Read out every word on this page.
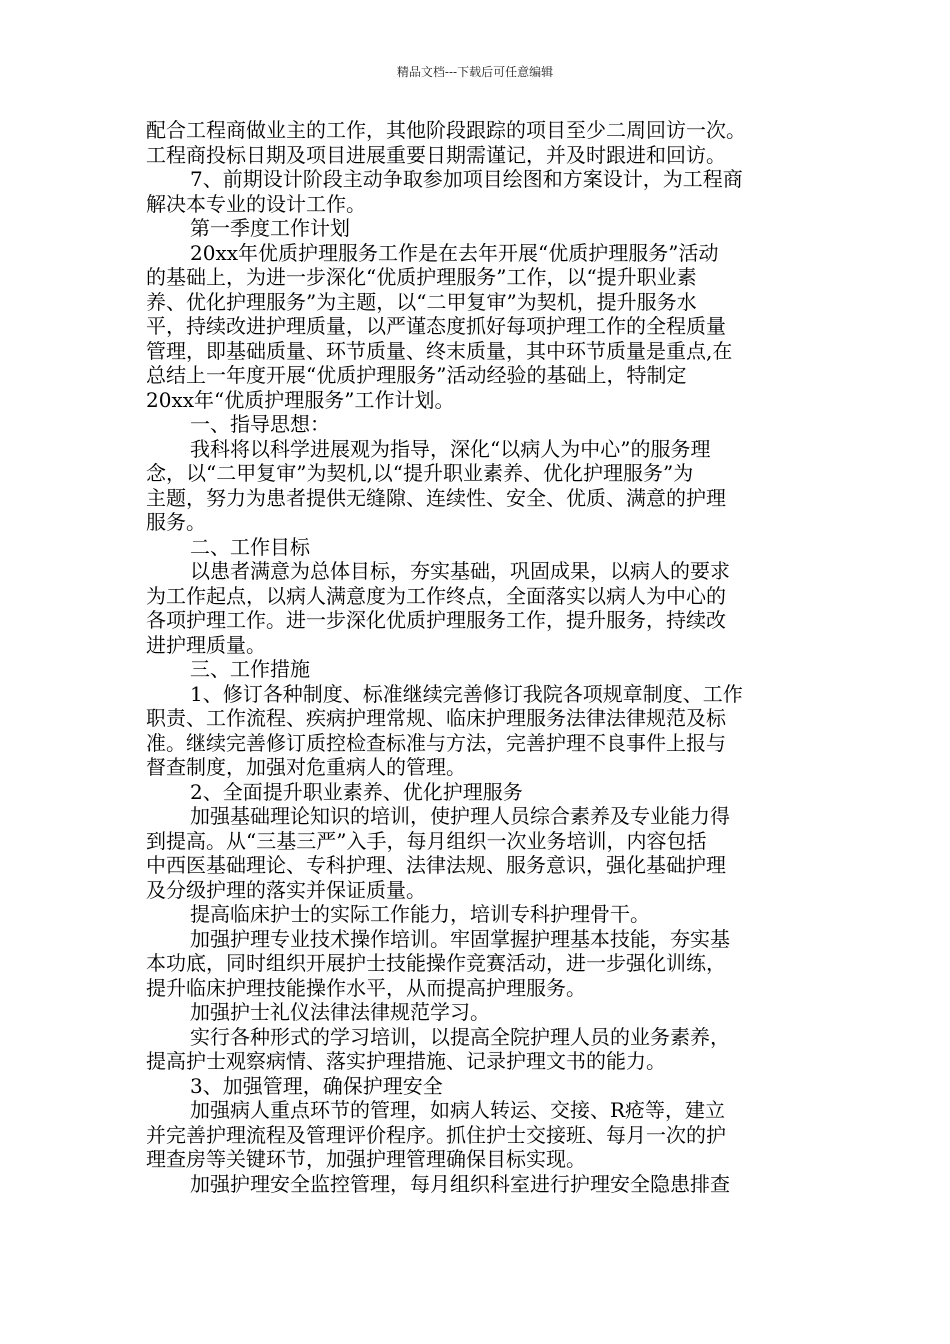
精品文档---下载后可任意编辑
配合工程商做业主的工作，其他阶段跟踪的项目至少二周回访一次。
工程商投标日期及项目进展重要日期需谨记，并及时跟进和回访。
7、前期设计阶段主动争取参加项目绘图和方案设计，为工程商
解决本专业的设计工作。
第一季度工作计划
20xx年优质护理服务工作是在去年开展“优质护理服务”活动
的基础上，为进一步深化“优质护理服务”工作，以“提升职业素
养、优化护理服务”为主题，以“二甲复审”为契机，提升服务水
平，持续改进护理质量，以严谨态度抓好每项护理工作的全程质量
管理，即基础质量、环节质量、终末质量，其中环节质量是重点,在
总结上一年度开展“优质护理服务”活动经验的基础上，特制定
20xx年“优质护理服务”工作计划。
一、指导思想：
我科将以科学进展观为指导，深化“以病人为中心”的服务理
念，以“二甲复审”为契机,以“提升职业素养、优化护理服务”为
主题，努力为患者提供无缝隙、连续性、安全、优质、满意的护理
服务。
二、工作目标
以患者满意为总体目标，夯实基础，巩固成果，以病人的要求
为工作起点，以病人满意度为工作终点，全面落实以病人为中心的
各项护理工作。进一步深化优质护理服务工作，提升服务，持续改
进护理质量。
三、工作措施
1、修订各种制度、标准继续完善修订我院各项规章制度、工作
职责、工作流程、疾病护理常规、临床护理服务法律法律规范及标
准。继续完善修订质控检查标准与方法，完善护理不良事件上报与
督查制度，加强对危重病人的管理。
2、全面提升职业素养、优化护理服务
加强基础理论知识的培训，使护理人员综合素养及专业能力得
到提高。从“三基三严”入手，每月组织一次业务培训，内容包括
中西医基础理论、专科护理、法律法规、服务意识，强化基础护理
及分级护理的落实并保证质量。
提高临床护士的实际工作能力，培训专科护理骨干。
加强护理专业技术操作培训。牢固掌握护理基本技能，夯实基
本功底，同时组织开展护士技能操作竞赛活动，进一步强化训练，
提升临床护理技能操作水平，从而提高护理服务。
加强护士礼仪法律法律规范学习。
实行各种形式的学习培训，以提高全院护理人员的业务素养，
提高护士观察病情、落实护理措施、记录护理文书的能力。
3、加强管理，确保护理安全
加强病人重点环节的管理，如病人转运、交接、R疮等，建立
并完善护理流程及管理评价程序。抓住护士交接班、每月一次的护
理查房等关键环节，加强护理管理确保目标实现。
加强护理安全监控管理，每月组织科室进行护理安全隐患排查
